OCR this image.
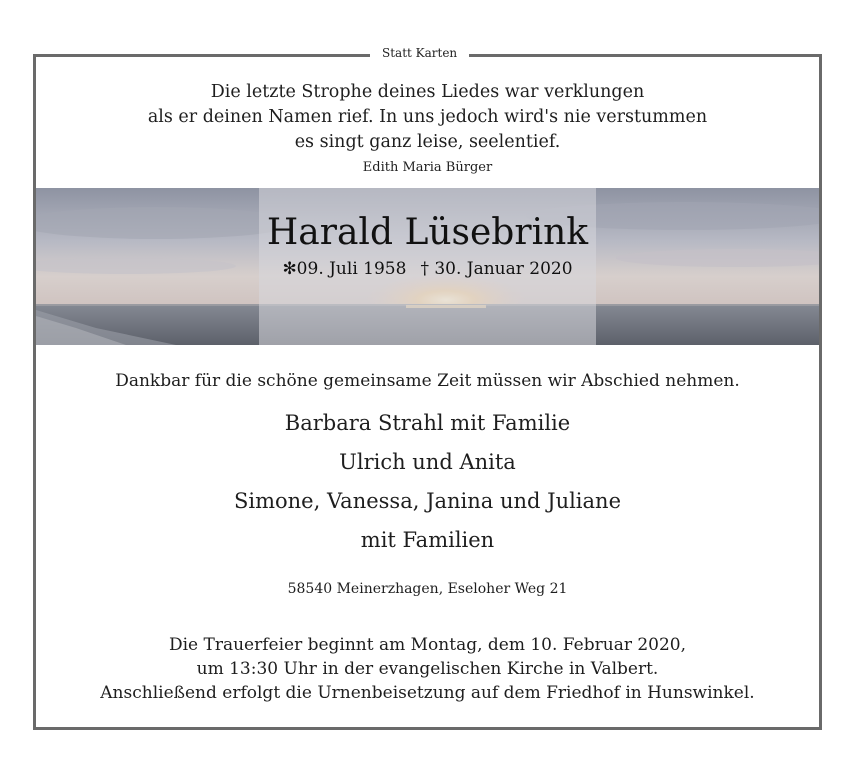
Statt Karten
Die letzte Strophe deines Liedes war verklungen
als er deinen Namen rief. In uns jedoch wird's nie verstummen
es singt ganz leise, seelentief.
Edith Maria Bürger
Harald Lüsebrink
✻09. Juli 1958 † 30. Januar 2020
Dankbar für die schöne gemeinsame Zeit müssen wir Abschied nehmen.
Barbara Strahl mit Familie
Ulrich und Anita
Simone, Vanessa, Janina und Juliane
mit Familien
58540 Meinerzhagen, Eseloher Weg 21
Die Trauerfeier beginnt am Montag, dem 10. Februar 2020,
um 13:30 Uhr in der evangelischen Kirche in Valbert.
Anschließend erfolgt die Urnenbeisetzung auf dem Friedhof in Hunswinkel.
